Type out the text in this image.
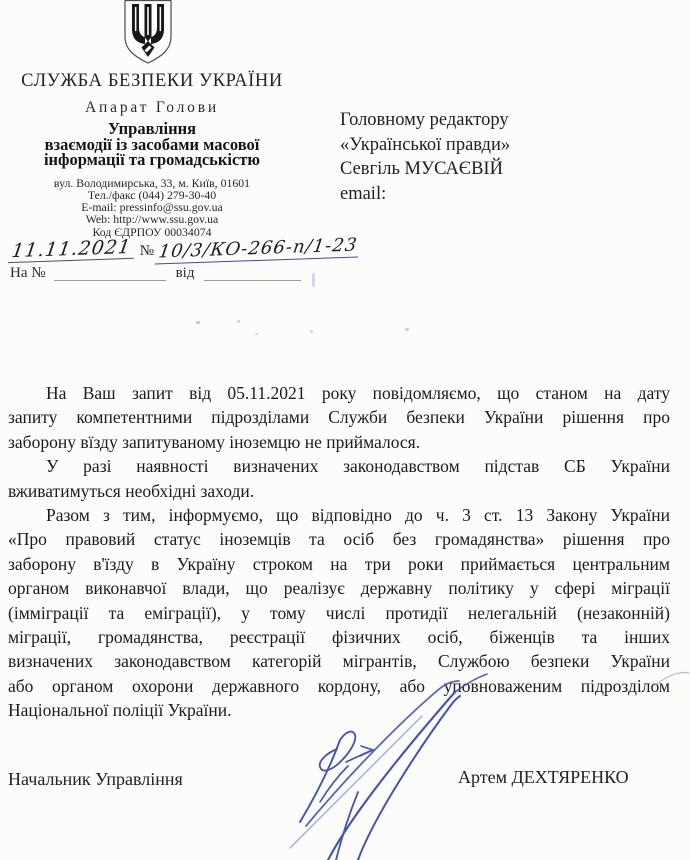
СЛУЖБА БЕЗПЕКИ УКРАЇНИ
Апарат Голови
Управління
взаємодії із засобами масової
інформації та громадськістю
вул. Володимирська, 33, м. Київ, 01601
Тел./факс (044) 279-30-40
E-mail: pressinfo@ssu.gov.ua
Web: http://www.ssu.gov.ua
Код ЄДРПОУ 00034074
11.11.2021 № 10/3/КО-266-п/1-23
На №	від
Головному редактору
«Української правди»
Севгіль МУСАЄВІЙ
email:
На Ваш запит від 05.11.2021 року повідомляємо, що станом на дату
запиту компетентними підрозділами Служби безпеки України рішення про
заборону вїзду запитуваному іноземцю не приймалося.
У разі наявності визначених законодавством підстав СБ України
вживатимуться необхідні заходи.
Разом з тим, інформуємо, що відповідно до ч. 3 ст. 13 Закону України
«Про правовий статус іноземців та осіб без громадянства» рішення про
заборону в'їзду в Україну строком на три роки приймається центральним
органом виконавчої влади, що реалізує державну політику у сфері міграції
(імміграції та еміграції), у тому числі протидії нелегальній (незаконній)
міграції, громадянства, реєстрації фізичних осіб, біженців та інших
визначених законодавством категорій мігрантів, Службою безпеки України
або органом охорони державного кордону, або уповноваженим підрозділом
Національної поліції України.
Начальник Управління	Артем ДЕХТЯРЕНКО
